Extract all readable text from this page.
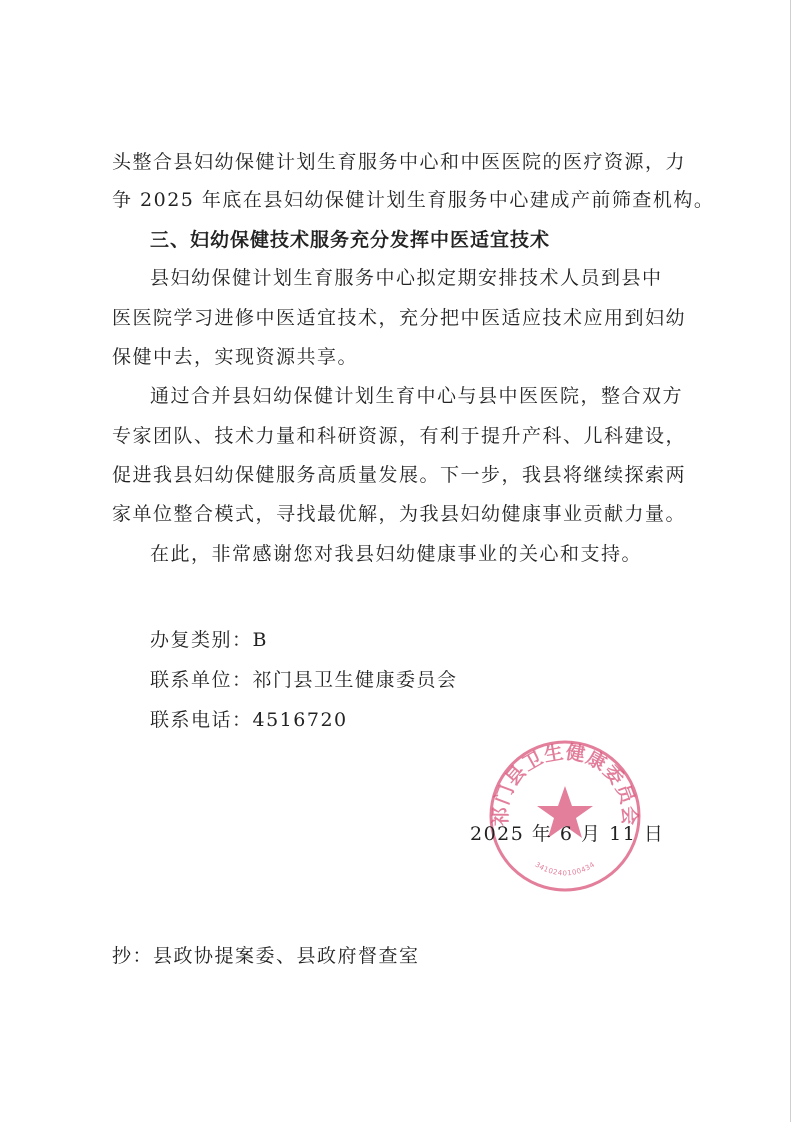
头整合县妇幼保健计划生育服务中心和中医医院的医疗资源，力
争 2025 年底在县妇幼保健计划生育服务中心建成产前筛查机构。
三、妇幼保健技术服务充分发挥中医适宜技术
县妇幼保健计划生育服务中心拟定期安排技术人员到县中
医医院学习进修中医适宜技术，充分把中医适应技术应用到妇幼
保健中去，实现资源共享。
通过合并县妇幼保健计划生育中心与县中医医院，整合双方
专家团队、技术力量和科研资源，有利于提升产科、儿科建设，
促进我县妇幼保健服务高质量发展。下一步，我县将继续探索两
家单位整合模式，寻找最优解，为我县妇幼健康事业贡献力量。
在此，非常感谢您对我县妇幼健康事业的关心和支持。
办复类别：B
联系单位：祁门县卫生健康委员会
联系电话：4516720
祁门县卫生健康委员会
3410240100434
2025 年 6 月 11 日
抄：县政协提案委、县政府督查室
